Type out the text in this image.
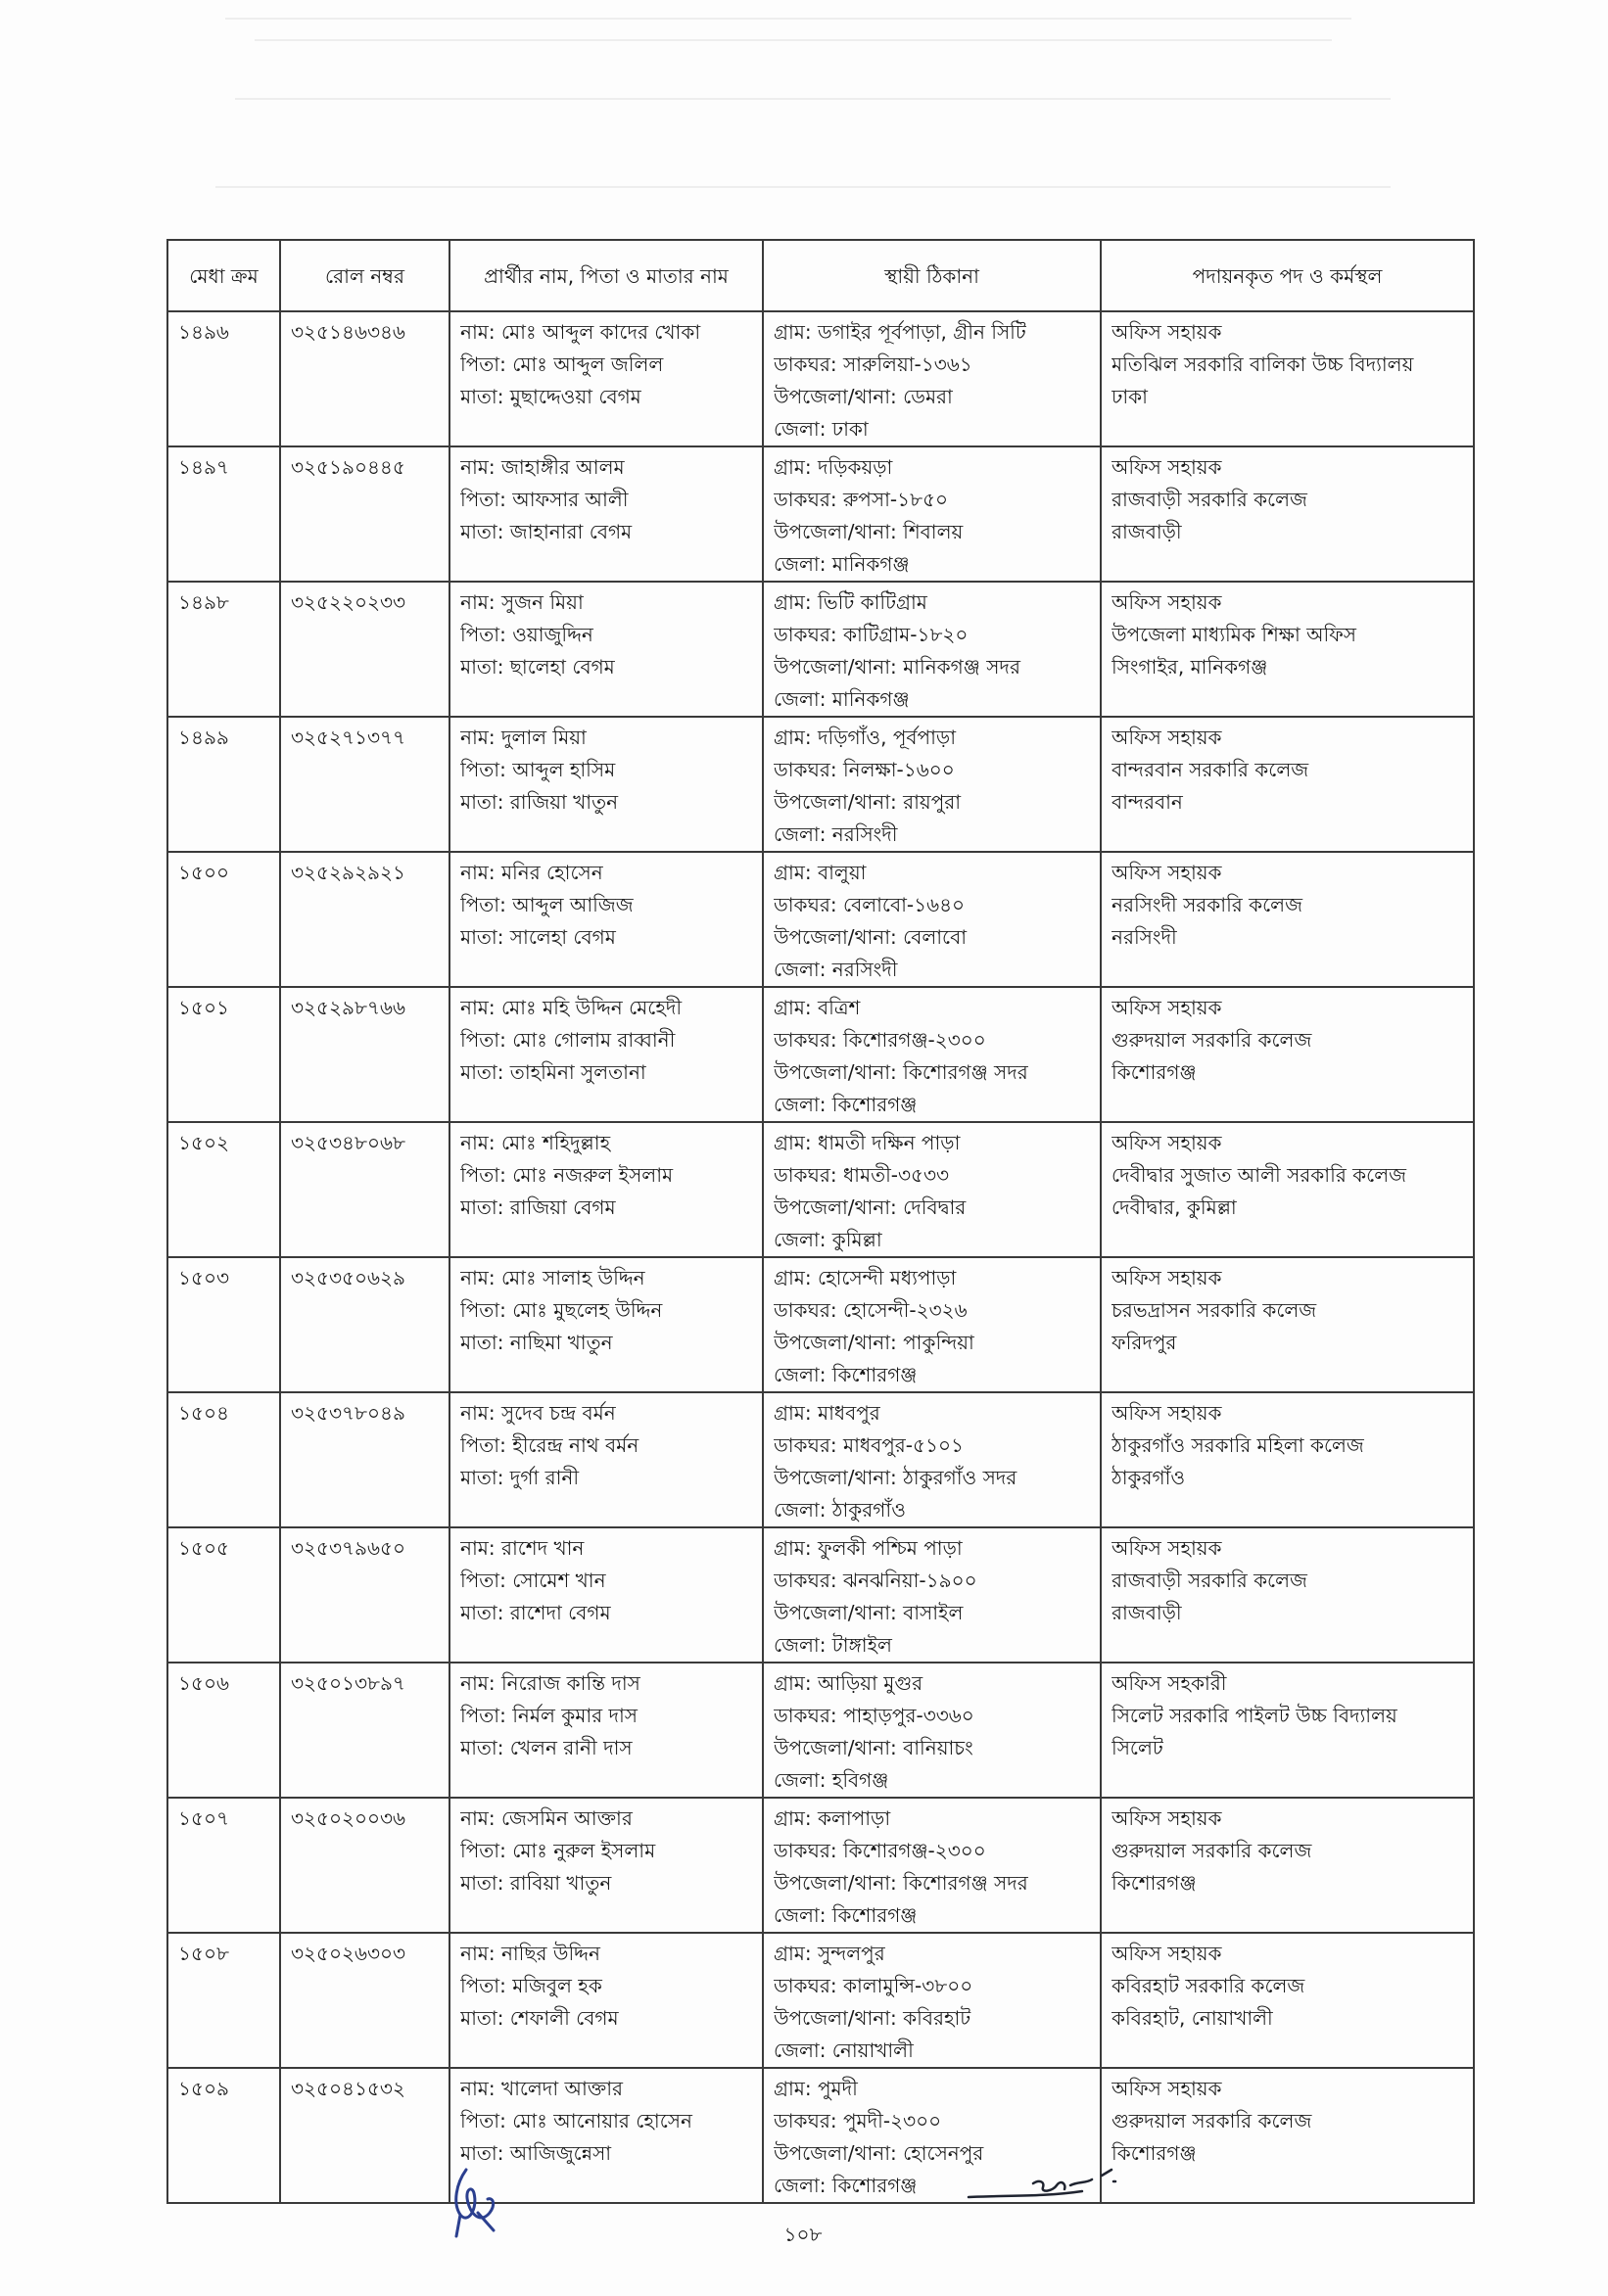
মেধা ক্রম	রোল নম্বর	প্রার্থীর নাম, পিতা ও মাতার নাম	স্থায়ী ঠিকানা	পদায়নকৃত পদ ও কর্মস্থল
১৪৯৬	৩২৫১৪৬৩৪৬	নাম: মোঃ আব্দুল কাদের খোকা
পিতা: মোঃ আব্দুল জলিল
মাতা: মুছাদ্দেওয়া বেগম	গ্রাম: ডগাইর পূর্বপাড়া, গ্রীন সিটি
ডাকঘর: সারুলিয়া-১৩৬১
উপজেলা/থানা: ডেমরা
জেলা: ঢাকা	অফিস সহায়ক
মতিঝিল সরকারি বালিকা উচ্চ বিদ্যালয়
ঢাকা

১৪৯৭	৩২৫১৯০৪৪৫	নাম: জাহাঙ্গীর আলম
পিতা: আফসার আলী
মাতা: জাহানারা বেগম	গ্রাম: দড়িকয়ড়া
ডাকঘর: রুপসা-১৮৫০
উপজেলা/থানা: শিবালয়
জেলা: মানিকগঞ্জ	অফিস সহায়ক
রাজবাড়ী সরকারি কলেজ
রাজবাড়ী

১৪৯৮	৩২৫২২০২৩৩	নাম: সুজন মিয়া
পিতা: ওয়াজুদ্দিন
মাতা: ছালেহা বেগম	গ্রাম: ভিটি কাটিগ্রাম
ডাকঘর: কাটিগ্রাম-১৮২০
উপজেলা/থানা: মানিকগঞ্জ সদর
জেলা: মানিকগঞ্জ	অফিস সহায়ক
উপজেলা মাধ্যমিক শিক্ষা অফিস
সিংগাইর, মানিকগঞ্জ

১৪৯৯	৩২৫২৭১৩৭৭	নাম: দুলাল মিয়া
পিতা: আব্দুল হাসিম
মাতা: রাজিয়া খাতুন	গ্রাম: দড়িগাঁও, পূর্বপাড়া
ডাকঘর: নিলক্ষা-১৬০০
উপজেলা/থানা: রায়পুরা
জেলা: নরসিংদী	অফিস সহায়ক
বান্দরবান সরকারি কলেজ
বান্দরবান

১৫০০	৩২৫২৯২৯২১	নাম: মনির হোসেন
পিতা: আব্দুল আজিজ
মাতা: সালেহা বেগম	গ্রাম: বালুয়া
ডাকঘর: বেলাবো-১৬৪০
উপজেলা/থানা: বেলাবো
জেলা: নরসিংদী	অফিস সহায়ক
নরসিংদী সরকারি কলেজ
নরসিংদী

১৫০১	৩২৫২৯৮৭৬৬	নাম: মোঃ মহি উদ্দিন মেহেদী
পিতা: মোঃ গোলাম রাব্বানী
মাতা: তাহমিনা সুলতানা	গ্রাম: বত্রিশ
ডাকঘর: কিশোরগঞ্জ-২৩০০
উপজেলা/থানা: কিশোরগঞ্জ সদর
জেলা: কিশোরগঞ্জ	অফিস সহায়ক
গুরুদয়াল সরকারি কলেজ
কিশোরগঞ্জ

১৫০২	৩২৫৩৪৮০৬৮	নাম: মোঃ শহিদুল্লাহ
পিতা: মোঃ নজরুল ইসলাম
মাতা: রাজিয়া বেগম	গ্রাম: ধামতী দক্ষিন পাড়া
ডাকঘর: ধামতী-৩৫৩৩
উপজেলা/থানা: দেবিদ্বার
জেলা: কুমিল্লা	অফিস সহায়ক
দেবীদ্বার সুজাত আলী সরকারি কলেজ
দেবীদ্বার, কুমিল্লা

১৫০৩	৩২৫৩৫০৬২৯	নাম: মোঃ সালাহ উদ্দিন
পিতা: মোঃ মুছলেহ উদ্দিন
মাতা: নাছিমা খাতুন	গ্রাম: হোসেন্দী মধ্যপাড়া
ডাকঘর: হোসেন্দী-২৩২৬
উপজেলা/থানা: পাকুন্দিয়া
জেলা: কিশোরগঞ্জ	অফিস সহায়ক
চরভদ্রাসন সরকারি কলেজ
ফরিদপুর

১৫০৪	৩২৫৩৭৮০৪৯	নাম: সুদেব চন্দ্র বর্মন
পিতা: হীরেন্দ্র নাথ বর্মন
মাতা: দুর্গা রানী	গ্রাম: মাধবপুর
ডাকঘর: মাধবপুর-৫১০১
উপজেলা/থানা: ঠাকুরগাঁও সদর
জেলা: ঠাকুরগাঁও	অফিস সহায়ক
ঠাকুরগাঁও সরকারি মহিলা কলেজ
ঠাকুরগাঁও

১৫০৫	৩২৫৩৭৯৬৫০	নাম: রাশেদ খান
পিতা: সোমেশ খান
মাতা: রাশেদা বেগম	গ্রাম: ফুলকী পশ্চিম পাড়া
ডাকঘর: ঝনঝনিয়া-১৯০০
উপজেলা/থানা: বাসাইল
জেলা: টাঙ্গাইল	অফিস সহায়ক
রাজবাড়ী সরকারি কলেজ
রাজবাড়ী

১৫০৬	৩২৫০১৩৮৯৭	নাম: নিরোজ কান্তি দাস
পিতা: নির্মল কুমার দাস
মাতা: খেলন রানী দাস	গ্রাম: আড়িয়া মুগুর
ডাকঘর: পাহাড়পুর-৩৩৬০
উপজেলা/থানা: বানিয়াচং
জেলা: হবিগঞ্জ	অফিস সহকারী
সিলেট সরকারি পাইলট উচ্চ বিদ্যালয়
সিলেট

১৫০৭	৩২৫০২০০৩৬	নাম: জেসমিন আক্তার
পিতা: মোঃ নুরুল ইসলাম
মাতা: রাবিয়া খাতুন	গ্রাম: কলাপাড়া
ডাকঘর: কিশোরগঞ্জ-২৩০০
উপজেলা/থানা: কিশোরগঞ্জ সদর
জেলা: কিশোরগঞ্জ	অফিস সহায়ক
গুরুদয়াল সরকারি কলেজ
কিশোরগঞ্জ

১৫০৮	৩২৫০২৬৩০৩	নাম: নাছির উদ্দিন
পিতা: মজিবুল হক
মাতা: শেফালী বেগম	গ্রাম: সুন্দলপুর
ডাকঘর: কালামুন্সি-৩৮০০
উপজেলা/থানা: কবিরহাট
জেলা: নোয়াখালী	অফিস সহায়ক
কবিরহাট সরকারি কলেজ
কবিরহাট, নোয়াখালী

১৫০৯	৩২৫০৪১৫৩২	নাম: খালেদা আক্তার
পিতা: মোঃ আনোয়ার হোসেন
মাতা: আজিজুন্নেসা	গ্রাম: পুমদী
ডাকঘর: পুমদী-২৩০০
উপজেলা/থানা: হোসেনপুর
জেলা: কিশোরগঞ্জ	অফিস সহায়ক
গুরুদয়াল সরকারি কলেজ
কিশোরগঞ্জ
১০৮
